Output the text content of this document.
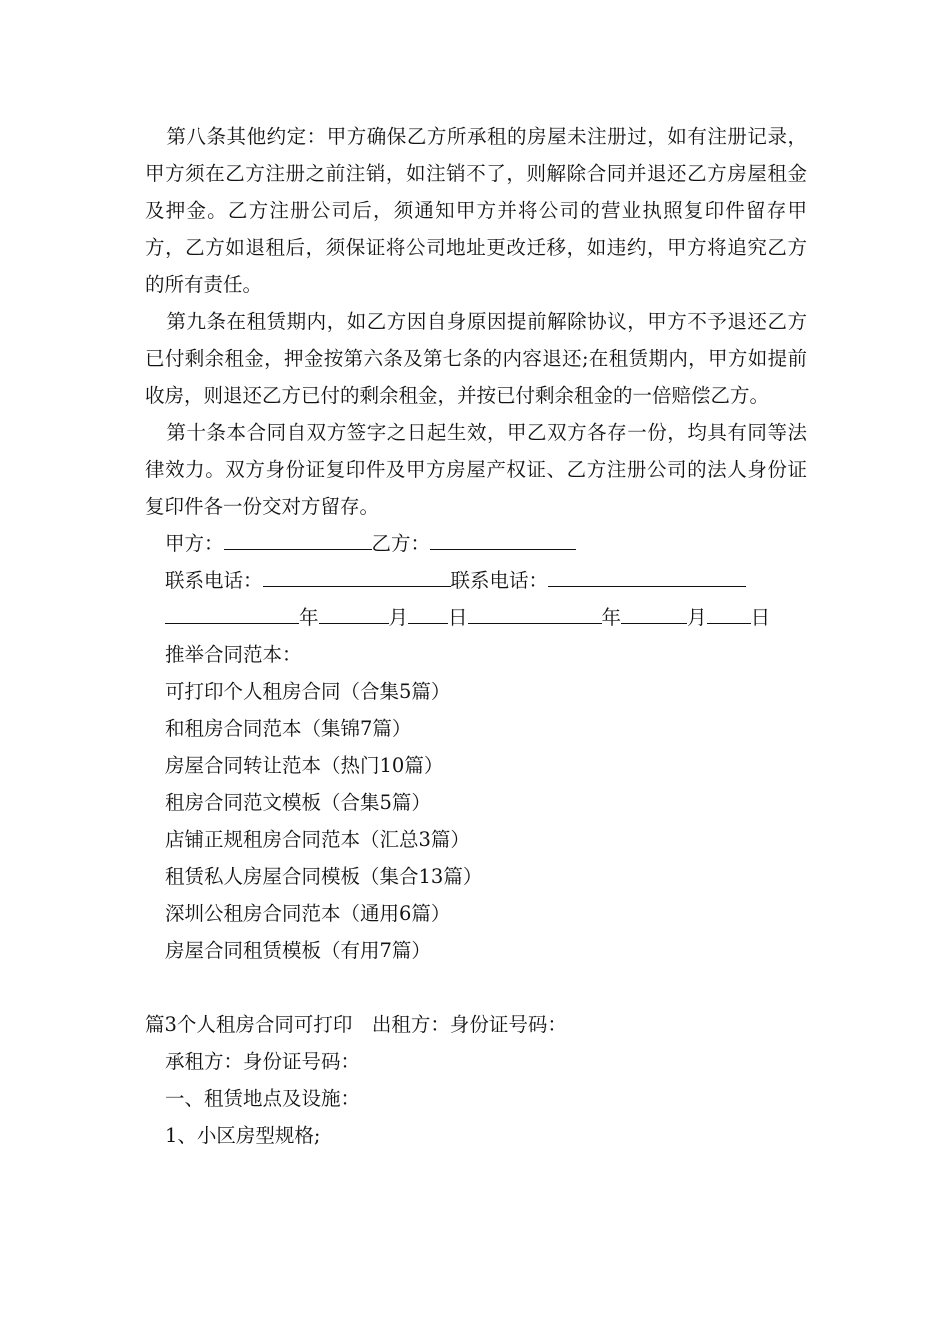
第八条其他约定：甲方确保乙方所承租的房屋未注册过，如有注册记录，甲方须在乙方注册之前注销，如注销不了，则解除合同并退还乙方房屋租金及押金。乙方注册公司后，须通知甲方并将公司的营业执照复印件留存甲方，乙方如退租后，须保证将公司地址更改迁移，如违约，甲方将追究乙方的所有责任。

第九条在租赁期内，如乙方因自身原因提前解除协议，甲方不予退还乙方已付剩余租金，押金按第六条及第七条的内容退还;在租赁期内，甲方如提前收房，则退还乙方已付的剩余租金，并按已付剩余租金的一倍赔偿乙方。

第十条本合同自双方签字之日起生效，甲乙双方各存一份，均具有同等法律效力。双方身份证复印件及甲方房屋产权证、乙方注册公司的法人身份证复印件各一份交对方留存。

甲方：	乙方：

联系电话：	联系电话：

年	月 日	年	月 日

推举合同范本：

可打印个人租房合同（合集5篇）

和租房合同范本（集锦7篇）

房屋合同转让范本（热门10篇）

租房合同范文模板（合集5篇）

店铺正规租房合同范本（汇总3篇）

租赁私人房屋合同模板（集合13篇）

深圳公租房合同范本（通用6篇）

房屋合同租赁模板（有用7篇）

篇3个人租房合同可打印　出租方：身份证号码：

承租方：身份证号码：

一、租赁地点及设施：

1、小区房型规格;
